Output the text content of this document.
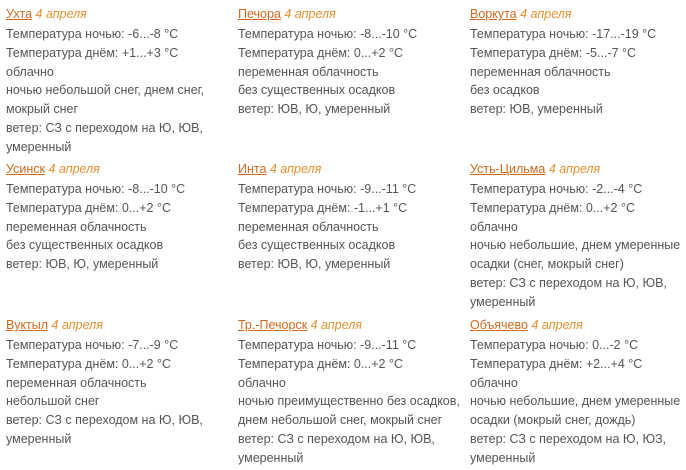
Ухта 4 апреля
Температура ночью: -6...-8 °C
Температура днём: +1...+3 °C
облачно
ночью небольшой снег, днем снег,
мокрый снег
ветер: СЗ с переходом на Ю, ЮВ,
умеренный
Печора 4 апреля
Температура ночью: -8...-10 °C
Температура днём: 0...+2 °C
переменная облачность
без существенных осадков
ветер: ЮВ, Ю, умеренный
Воркута 4 апреля
Температура ночью: -17...-19 °C
Температура днём: -5...-7 °C
переменная облачность
без осадков
ветер: ЮВ, умеренный
Усинск 4 апреля
Температура ночью: -8...-10 °C
Температура днём: 0...+2 °C
переменная облачность
без существенных осадков
ветер: ЮВ, Ю, умеренный
Инта 4 апреля
Температура ночью: -9...-11 °C
Температура днём: -1...+1 °C
переменная облачность
без существенных осадков
ветер: ЮВ, Ю, умеренный
Усть-Цильма 4 апреля
Температура ночью: -2...-4 °C
Температура днём: 0...+2 °C
облачно
ночью небольшие, днем умеренные
осадки (снег, мокрый снег)
ветер: СЗ с переходом на Ю, ЮВ,
умеренный
Вуктыл 4 апреля
Температура ночью: -7...-9 °C
Температура днём: 0...+2 °C
переменная облачность
небольшой снег
ветер: СЗ с переходом на Ю, ЮВ,
умеренный
Тр.-Печорск 4 апреля
Температура ночью: -9...-11 °C
Температура днём: 0...+2 °C
облачно
ночью преимущественно без осадков,
днем небольшой снег, мокрый снег
ветер: СЗ с переходом на Ю, ЮВ,
умеренный
Объячево 4 апреля
Температура ночью: 0...-2 °C
Температура днём: +2...+4 °C
облачно
ночью небольшие, днем умеренные
осадки (мокрый снег, дождь)
ветер: СЗ с переходом на Ю, ЮЗ,
умеренный
